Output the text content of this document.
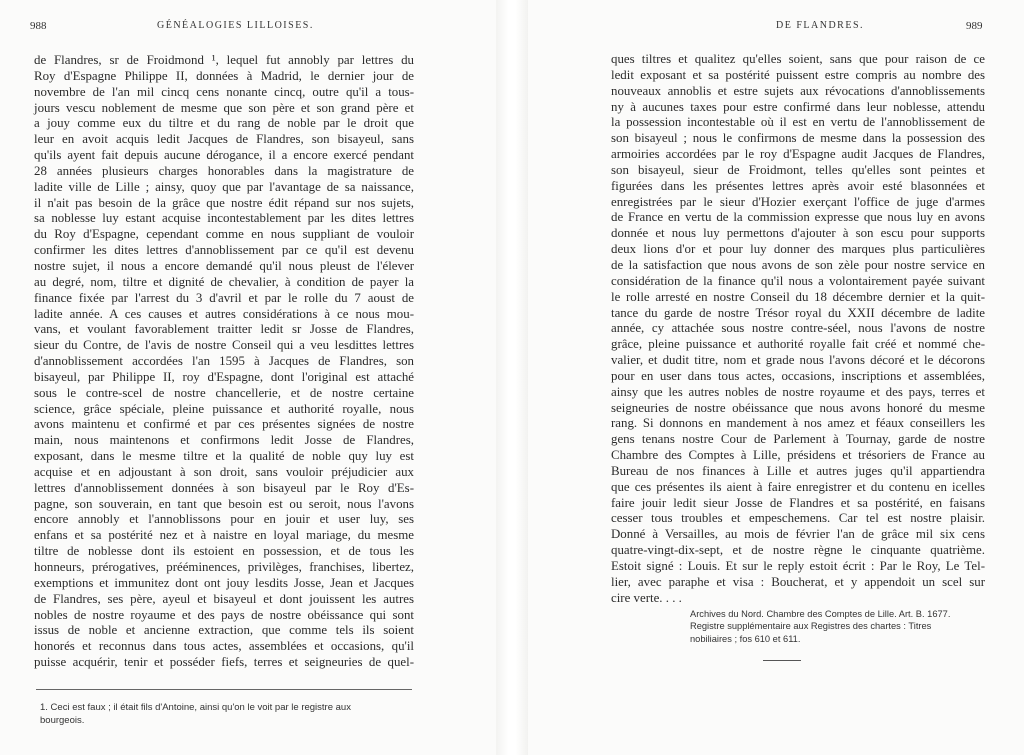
988	GÉNÉALOGIES LILLOISES.
de Flandres, sr de Froidmond ¹, lequel fut annobly par lettres du
Roy d'Espagne Philippe II, données à Madrid, le dernier jour de
novembre de l'an mil cincq cens nonante cincq, outre qu'il a tous-
jours vescu noblement de mesme que son père et son grand père et
a jouy comme eux du tiltre et du rang de noble par le droit que
leur en avoit acquis ledit Jacques de Flandres, son bisayeul, sans
qu'ils ayent fait depuis aucune dérogance, il a encore exercé pendant
28 années plusieurs charges honorables dans la magistrature de
ladite ville de Lille ; ainsy, quoy que par l'avantage de sa naissance,
il n'ait pas besoin de la grâce que nostre édit répand sur nos sujets,
sa noblesse luy estant acquise incontestablement par les dites lettres
du Roy d'Espagne, cependant comme en nous suppliant de vouloir
confirmer les dites lettres d'annoblissement par ce qu'il est devenu
nostre sujet, il nous a encore demandé qu'il nous pleust de l'élever
au degré, nom, tiltre et dignité de chevalier, à condition de payer la
finance fixée par l'arrest du 3 d'avril et par le rolle du 7 aoust de
ladite année. A ces causes et autres considérations à ce nous mou-
vans, et voulant favorablement traitter ledit sr Josse de Flandres,
sieur du Contre, de l'avis de nostre Conseil qui a veu lesdittes lettres
d'annoblissement accordées l'an 1595 à Jacques de Flandres, son
bisayeul, par Philippe II, roy d'Espagne, dont l'original est attaché
sous le contre-scel de nostre chancellerie, et de nostre certaine
science, grâce spéciale, pleine puissance et authorité royalle, nous
avons maintenu et confirmé et par ces présentes signées de nostre
main, nous maintenons et confirmons ledit Josse de Flandres,
exposant, dans le mesme tiltre et la qualité de noble quy luy est
acquise et en adjoustant à son droit, sans vouloir préjudicier aux
lettres d'annoblissement données à son bisayeul par le Roy d'Es-
pagne, son souverain, en tant que besoin est ou seroit, nous l'avons
encore annobly et l'annoblissons pour en jouir et user luy, ses
enfans et sa postérité nez et à naistre en loyal mariage, du mesme
tiltre de noblesse dont ils estoient en possession, et de tous les
honneurs, prérogatives, prééminences, privilèges, franchises, libertez,
exemptions et immunitez dont ont jouy lesdits Josse, Jean et Jacques
de Flandres, ses père, ayeul et bisayeul et dont jouissent les autres
nobles de nostre royaume et des pays de nostre obéissance qui sont
issus de noble et ancienne extraction, que comme tels ils soient
honorés et reconnus dans tous actes, assemblées et occasions, qu'il
puisse acquérir, tenir et posséder fiefs, terres et seigneuries de quel-
1. Ceci est faux ; il était fils d'Antoine, ainsi qu'on le voit par le registre aux
bourgeois.
DE FLANDRES.	989
ques tiltres et qualitez qu'elles soient, sans que pour raison de ce
ledit exposant et sa postérité puissent estre compris au nombre des
nouveaux annoblis et estre sujets aux révocations d'annoblissements
ny à aucunes taxes pour estre confirmé dans leur noblesse, attendu
la possession incontestable où il est en vertu de l'annoblissement de
son bisayeul ; nous le confirmons de mesme dans la possession des
armoiries accordées par le roy d'Espagne audit Jacques de Flandres,
son bisayeul, sieur de Froidmont, telles qu'elles sont peintes et
figurées dans les présentes lettres après avoir esté blasonnées et
enregistrées par le sieur d'Hozier exerçant l'office de juge d'armes
de France en vertu de la commission expresse que nous luy en avons
donnée et nous luy permettons d'ajouter à son escu pour supports
deux lions d'or et pour luy donner des marques plus particulières
de la satisfaction que nous avons de son zèle pour nostre service en
considération de la finance qu'il nous a volontairement payée suivant
le rolle arresté en nostre Conseil du 18 décembre dernier et la quit-
tance du garde de nostre Trésor royal du XXII décembre de ladite
année, cy attachée sous nostre contre-séel, nous l'avons de nostre
grâce, pleine puissance et authorité royalle fait créé et nommé che-
valier, et dudit titre, nom et grade nous l'avons décoré et le décorons
pour en user dans tous actes, occasions, inscriptions et assemblées,
ainsy que les autres nobles de nostre royaume et des pays, terres et
seigneuries de nostre obéissance que nous avons honoré du mesme
rang. Si donnons en mandement à nos amez et féaux conseillers les
gens tenans nostre Cour de Parlement à Tournay, garde de nostre
Chambre des Comptes à Lille, présidens et trésoriers de France au
Bureau de nos finances à Lille et autres juges qu'il appartiendra
que ces présentes ils aient à faire enregistrer et du contenu en icelles
faire jouir ledit sieur Josse de Flandres et sa postérité, en faisans
cesser tous troubles et empeschemens. Car tel est nostre plaisir.
Donné à Versailles, au mois de février l'an de grâce mil six cens
quatre-vingt-dix-sept, et de nostre règne le cinquante quatrième.
Estoit signé : Louis. Et sur le reply estoit écrit : Par le Roy, Le Tel-
lier, avec paraphe et visa : Boucherat, et y appendoit un scel sur
cire verte. . . .
Archives du Nord. Chambre des Comptes de Lille. Art. B. 1677.
Registre supplémentaire aux Registres des chartes : Titres
nobiliaires ; fos 610 et 611.
